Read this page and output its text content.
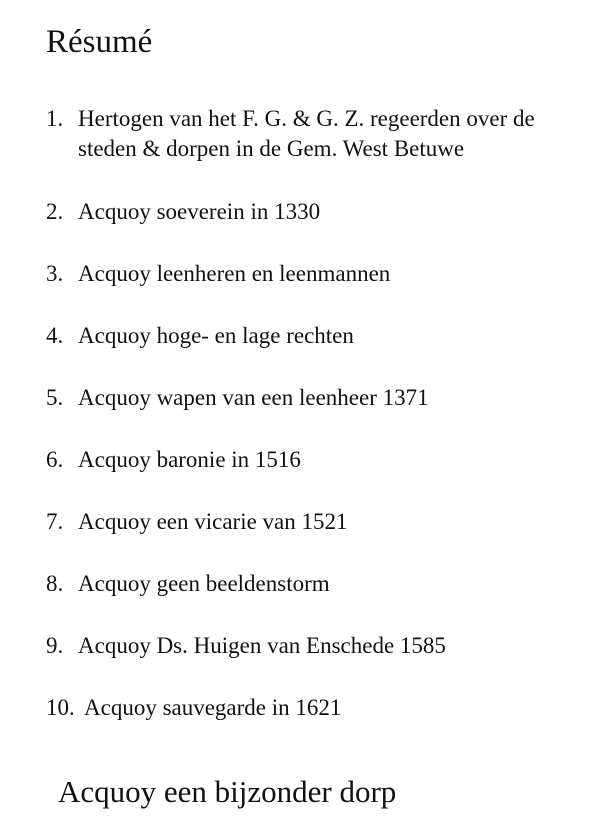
Résumé
1. Hertogen van het F. G. & G. Z. regeerden over de steden & dorpen in de Gem. West Betuwe
2. Acquoy soeverein in 1330
3. Acquoy leenheren en leenmannen
4. Acquoy hoge- en lage rechten
5. Acquoy wapen van een leenheer 1371
6. Acquoy baronie in 1516
7. Acquoy een vicarie van 1521
8. Acquoy geen beeldenstorm
9. Acquoy Ds. Huigen van Enschede 1585
10. Acquoy sauvegarde in 1621
Acquoy een bijzonder dorp
